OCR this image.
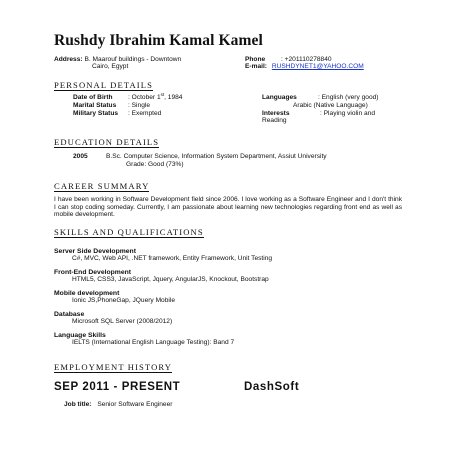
Rushdy Ibrahim Kamal Kamel
Address: B. Maarouf buildings - Downtown
Cairo, Egypt
Phone : +201110278840
E-mail: RUSHDYNET1@YAHOO.COM
PERSONAL DETAILS
Date of Birth : October 1st, 1984
Marital Status : Single
Military Status : Exempted
Languages	: English (very good)
Arabic (Native Language)
Interests	: Playing violin and
Reading
EDUCATION DETAILS
2005	B.Sc. Computer Science, Information System Department, Assiut University
Grade: Good (73%)
CAREER SUMMARY
I have been working in Software Development field since 2006. I love working as a Software Engineer and I don't think I can stop coding someday. Currently, I am passionate about learning new technologies regarding front end as well as mobile development.
SKILLS AND QUALIFICATIONS
Server Side Development
C#, MVC, Web API, .NET framework, Entity Framework, Unit Testing
Front-End Development
HTML5, CSS3, JavaScript, Jquery, AngularJS, Knockout, Bootstrap
Mobile development
Ionic JS,PhoneGap, JQuery Mobile
Database
Microsoft SQL Server (2008/2012)
Language Skills
IELTS (International English Language Testing): Band 7
EMPLOYMENT HISTORY
SEP 2011 - PRESENT	DashSoft
Job title: Senior Software Engineer
